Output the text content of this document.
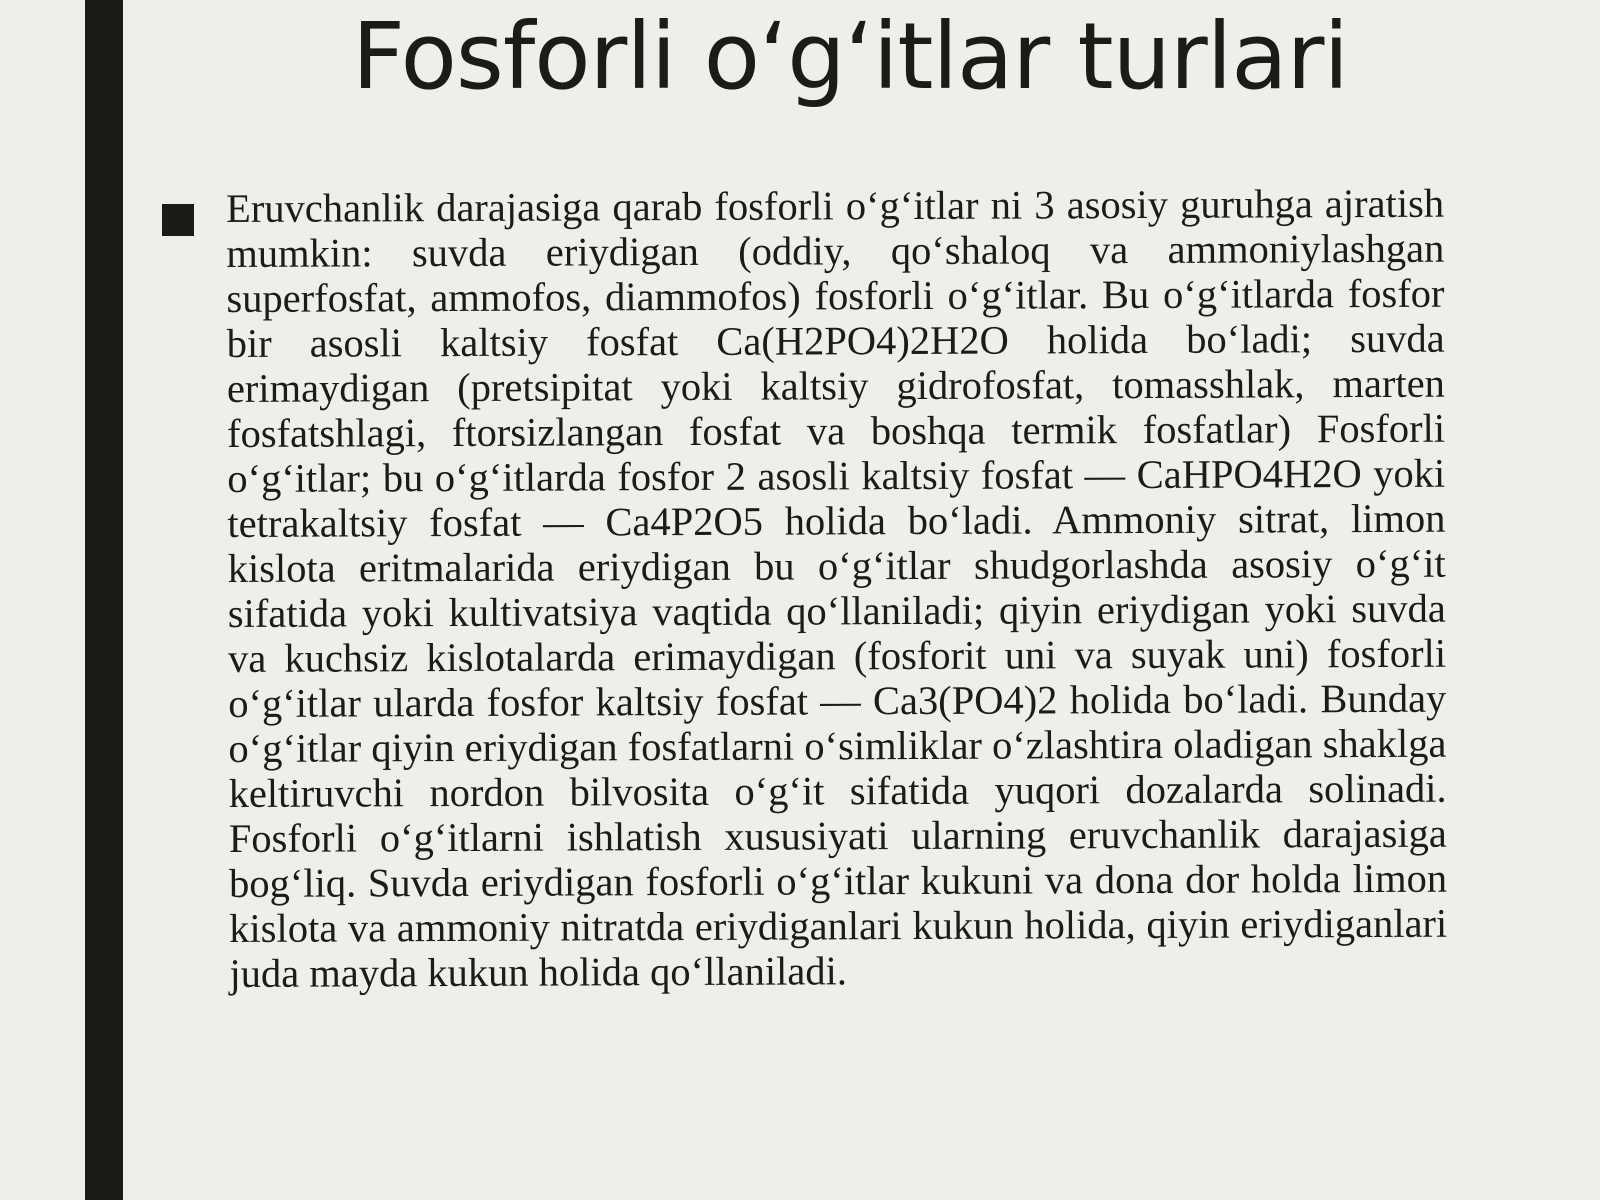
Fosforli o‘g‘itlar turlari

Eruvchanlik darajasiga qarab fosforli o‘g‘itlar ni 3 asosiy guruhga ajratish mumkin: suvda eriydigan (oddiy, qo‘shaloq va ammoniylashgan superfosfat, ammofos, diammofos) fosforli o‘g‘itlar. Bu o‘g‘itlarda fosfor bir asosli kaltsiy fosfat Ca(H2PO4)2H2O holida bo‘ladi; suvda erimaydigan (pretsipitat yoki kaltsiy gidrofosfat, tomasshlak, marten fosfatshlagi, ftorsizlangan fosfat va boshqa termik fosfatlar) Fosforli o‘g‘itlar; bu o‘g‘itlarda fosfor 2 asosli kaltsiy fosfat — CaHPO4H2O yoki tetrakaltsiy fosfat — Ca4P2O5 holida bo‘ladi. Ammoniy sitrat, limon kislota eritmalarida eriydigan bu o‘g‘itlar shudgorlashda asosiy o‘g‘it sifatida yoki kultivatsiya vaqtida qo‘llaniladi; qiyin eriydigan yoki suvda va kuchsiz kislotalarda erimaydigan (fosforit uni va suyak uni) fosforli o‘g‘itlar ularda fosfor kaltsiy fosfat — Ca3(PO4)2 holida bo‘ladi. Bunday o‘g‘itlar qiyin eriydigan fosfatlarni o‘simliklar o‘zlashtira oladigan shaklga keltiruvchi nordon bilvosita o‘g‘it sifatida yuqori dozalarda solinadi. Fosforli o‘g‘itlarni ishlatish xususiyati ularning eruvchanlik darajasiga bog‘liq. Suvda eriydigan fosforli o‘g‘itlar kukuni va dona dor holda limon kislota va ammoniy nitratda eriydiganlari kukun holida, qiyin eriydiganlari juda mayda kukun holida qo‘llaniladi.
